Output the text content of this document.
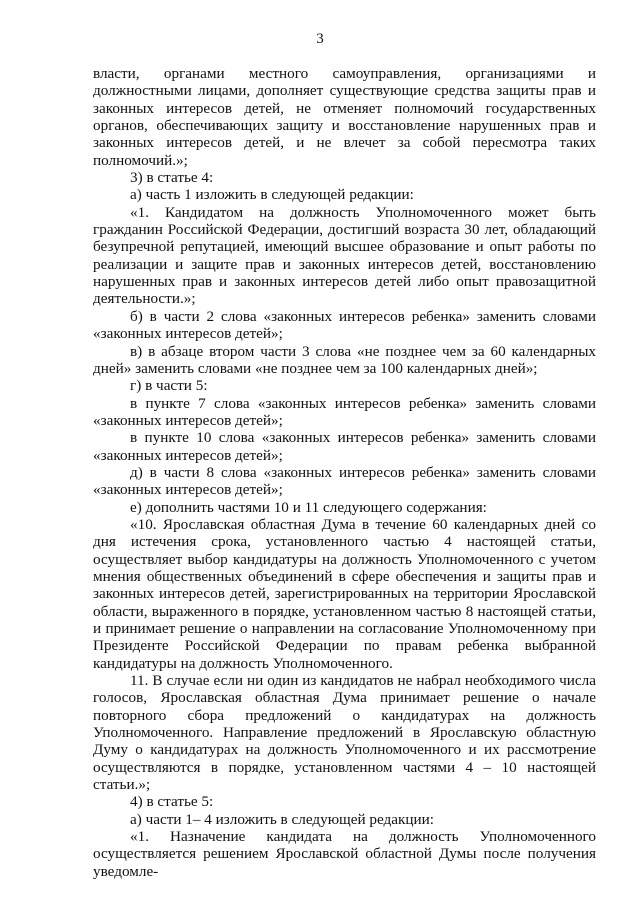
3

власти, органами местного самоуправления, организациями и должностными лицами, дополняет существующие средства защиты прав и законных интересов детей, не отменяет полномочий государственных органов, обеспечивающих защиту и восстановление нарушенных прав и законных интересов детей, и не влечет за собой пересмотра таких полномочий.»;

3) в статье 4:

а) часть 1 изложить в следующей редакции:

«1. Кандидатом на должность Уполномоченного может быть гражданин Российской Федерации, достигший возраста 30 лет, обладающий безупречной репутацией, имеющий высшее образование и опыт работы по реализации и защите прав и законных интересов детей, восстановлению нарушенных прав и законных интересов детей либо опыт правозащитной деятельности.»;

б) в части 2 слова «законных интересов ребенка» заменить словами «законных интересов детей»;

в) в абзаце втором части 3 слова «не позднее чем за 60 календарных дней» заменить словами «не позднее чем за 100 календарных дней»;

г) в части 5:

в пункте 7 слова «законных интересов ребенка» заменить словами «законных интересов детей»;

в пункте 10 слова «законных интересов ребенка» заменить словами «законных интересов детей»;

д) в части 8 слова «законных интересов ребенка» заменить словами «законных интересов детей»;

е) дополнить частями 10 и 11 следующего содержания:

«10. Ярославская областная Дума в течение 60 календарных дней со дня истечения срока, установленного частью 4 настоящей статьи, осуществляет выбор кандидатуры на должность Уполномоченного с учетом мнения общественных объединений в сфере обеспечения и защиты прав и законных интересов детей, зарегистрированных на территории Ярославской области, выраженного в порядке, установленном частью 8 настоящей статьи, и принимает решение о направлении на согласование Уполномоченному при Президенте Российской Федерации по правам ребенка выбранной кандидатуры на должность Уполномоченного.

11. В случае если ни один из кандидатов не набрал необходимого числа голосов, Ярославская областная Дума принимает решение о начале повторного сбора предложений о кандидатурах на должность Уполномоченного. Направление предложений в Ярославскую областную Думу о кандидатурах на должность Уполномоченного и их рассмотрение осуществляются в порядке, установленном частями 4 – 10 настоящей статьи.»;

4) в статье 5:

а) части 1– 4 изложить в следующей редакции:

«1. Назначение кандидата на должность Уполномоченного осуществляется решением Ярославской областной Думы после получения уведомле-
